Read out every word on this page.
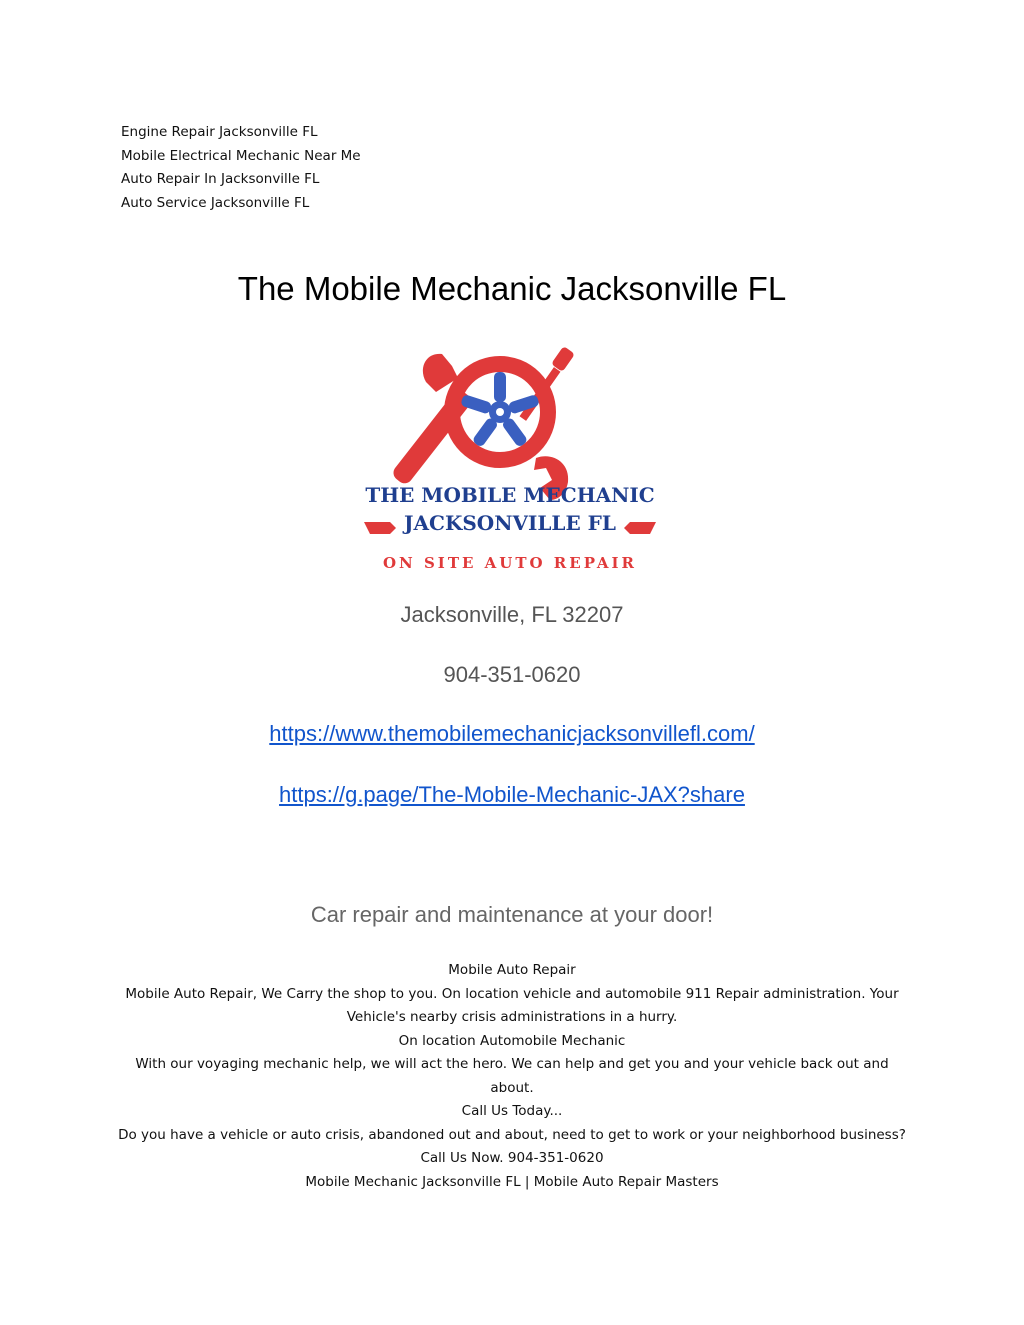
Engine Repair Jacksonville FL
Mobile Electrical Mechanic Near Me
Auto Repair In Jacksonville FL
Auto Service Jacksonville FL
The Mobile Mechanic Jacksonville FL
THE MOBILE MECHANIC
JACKSONVILLE FL
ON SITE AUTO REPAIR
Jacksonville, FL 32207
904-351-0620
https://www.themobilemechanicjacksonvillefl.com/
https://g.page/The-Mobile-Mechanic-JAX?share
Car repair and maintenance at your door!
Mobile Auto Repair
Mobile Auto Repair, We Carry the shop to you. On location vehicle and automobile 911 Repair administration. Your Vehicle's nearby crisis administrations in a hurry.
On location Automobile Mechanic
With our voyaging mechanic help, we will act the hero. We can help and get you and your vehicle back out and about.
Call Us Today...
Do you have a vehicle or auto crisis, abandoned out and about, need to get to work or your neighborhood business? Call Us Now. 904-351-0620
Mobile Mechanic Jacksonville FL | Mobile Auto Repair Masters
